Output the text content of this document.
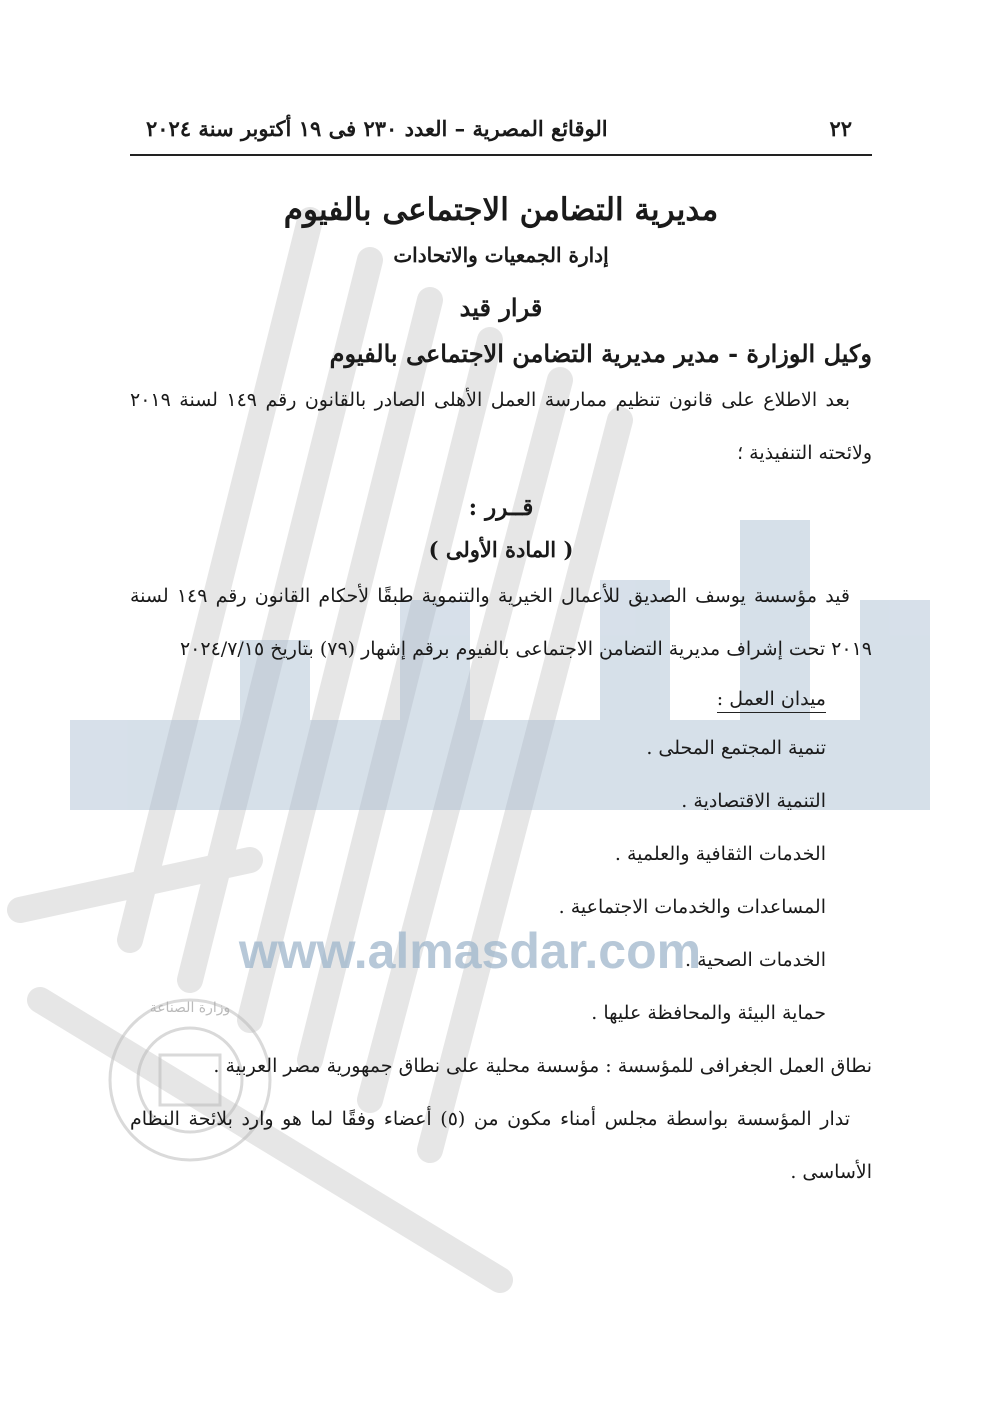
وزارة الصناعة
www.almasdar.com
٢٢
الوقائع المصرية – العدد ٢٣٠ فى ١٩ أكتوبر سنة ٢٠٢٤
مديرية التضامن الاجتماعى بالفيوم
إدارة الجمعيات والاتحادات
قرار قيد
وكيل الوزارة - مدير مديرية التضامن الاجتماعى بالفيوم

بعد الاطلاع على قانون تنظيم ممارسة العمل الأهلى الصادر بالقانون رقم ١٤٩ لسنة ٢٠١٩ ولائحته التنفيذية ؛

قــرر :
( المادة الأولى )

قيد مؤسسة يوسف الصديق للأعمال الخيرية والتنموية طبقًا لأحكام القانون رقم ١٤٩ لسنة ٢٠١٩ تحت إشراف مديرية التضامن الاجتماعى بالفيوم برقم إشهار (٧٩) بتاريخ ٢٠٢٤/٧/١٥

ميدان العمل :

تنمية المجتمع المحلى .

التنمية الاقتصادية .

الخدمات الثقافية والعلمية .

المساعدات والخدمات الاجتماعية .

الخدمات الصحية .

حماية البيئة والمحافظة عليها .

نطاق العمل الجغرافى للمؤسسة : مؤسسة محلية على نطاق جمهورية مصر العربية .

تدار المؤسسة بواسطة مجلس أمناء مكون من (٥) أعضاء وفقًا لما هو وارد بلائحة النظام الأساسى .
